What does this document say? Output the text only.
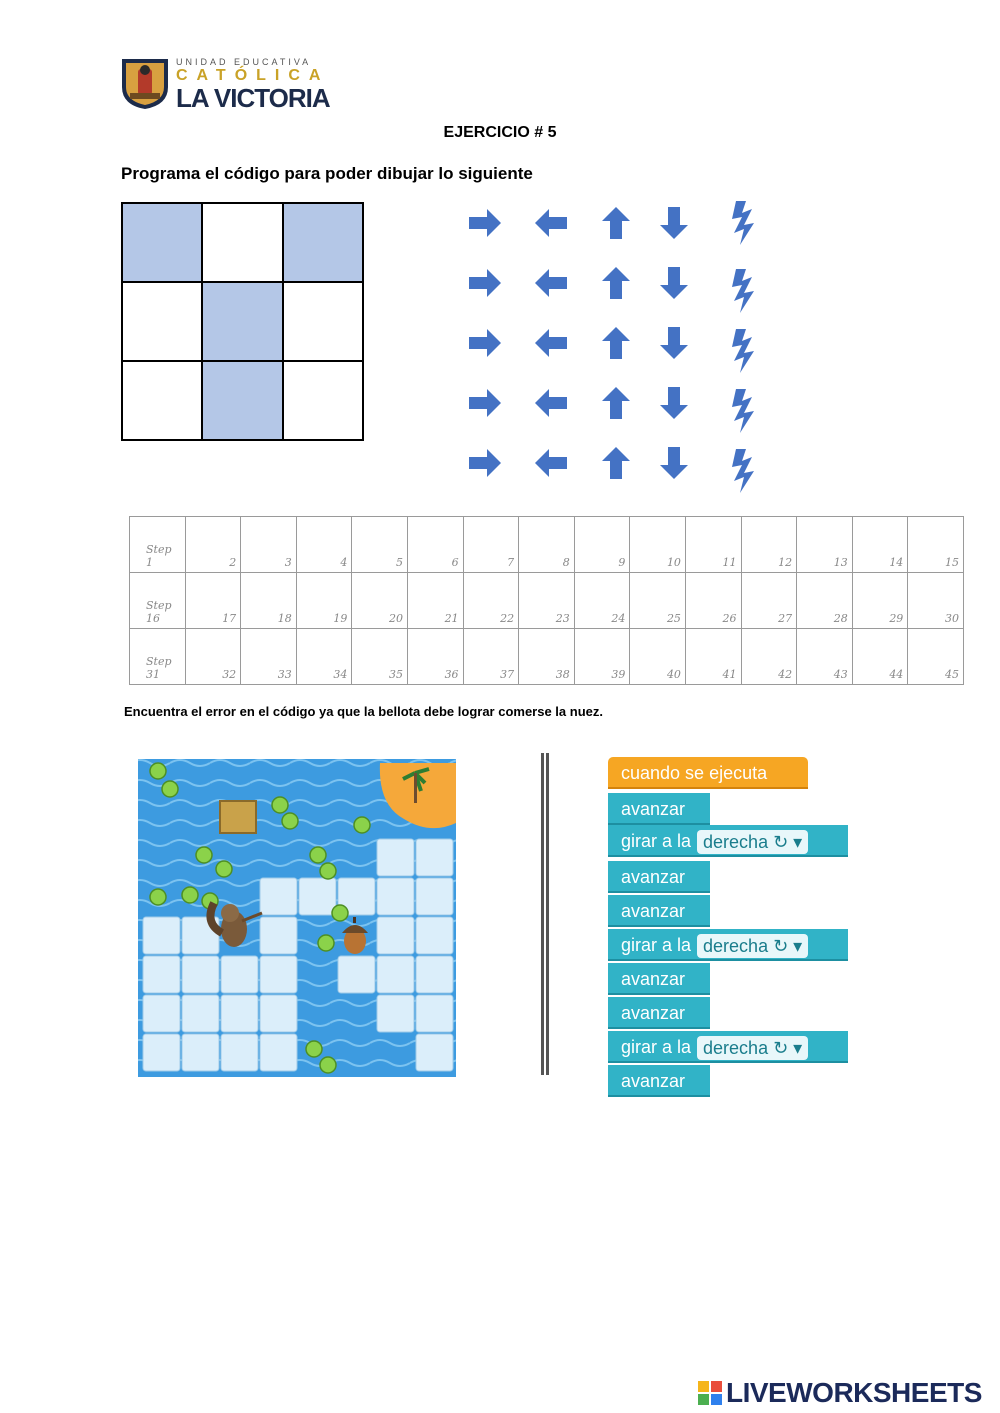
UNIDAD EDUCATIVA
CATÓLICA
LA VICTORIA
EJERCICIO # 5
Programa el código para poder dibujar lo siguiente
Step 1	2	3	4	5	6	7	8	9	10	11	12	13	14	15
Step 16	17	18	19	20	21	22	23	24	25	26	27	28	29	30
Step 31	32	33	34	35	36	37	38	39	40	41	42	43	44	45
Encuentra el error en el código ya que la bellota debe lograr comerse la nuez.
cuando se ejecuta
avanzar
girar a la derecha ↻ ▾
avanzar
avanzar
girar a la derecha ↻ ▾
avanzar
avanzar
girar a la derecha ↻ ▾
avanzar
LIVEWORKSHEETS
